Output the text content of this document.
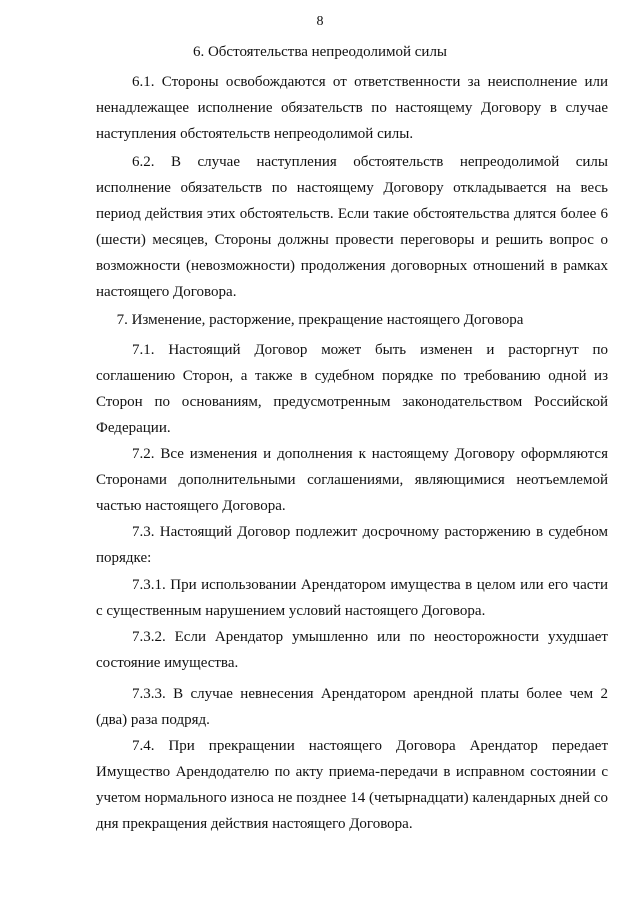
8
6. Обстоятельства непреодолимой силы

6.1. Стороны освобождаются от ответственности за неисполнение или ненадлежащее исполнение обязательств по настоящему Договору в случае наступления обстоятельств непреодолимой силы.

6.2. В случае наступления обстоятельств непреодолимой силы исполнение обязательств по настоящему Договору откладывается на весь период действия этих обстоятельств. Если такие обстоятельства длятся более 6 (шести) месяцев, Стороны должны провести переговоры и решить вопрос о возможности (невозможности) продолжения договорных отношений в рамках настоящего Договора.

7. Изменение, расторжение, прекращение настоящего Договора

7.1. Настоящий Договор может быть изменен и расторгнут по соглашению Сторон, а также в судебном порядке по требованию одной из Сторон по основаниям, предусмотренным законодательством Российской Федерации.

7.2. Все изменения и дополнения к настоящему Договору оформляются Сторонами дополнительными соглашениями, являющимися неотъемлемой частью настоящего Договора.

7.3. Настоящий Договор подлежит досрочному расторжению в судебном порядке:

7.3.1. При использовании Арендатором имущества в целом или его части с существенным нарушением условий настоящего Договора.

7.3.2. Если Арендатор умышленно или по неосторожности ухудшает состояние имущества.

7.3.3. В случае невнесения Арендатором арендной платы более чем 2 (два) раза подряд.

7.4. При прекращении настоящего Договора Арендатор передает Имущество Арендодателю по акту приема-передачи в исправном состоянии с учетом нормального износа не позднее 14 (четырнадцати) календарных дней со дня прекращения действия настоящего Договора.
